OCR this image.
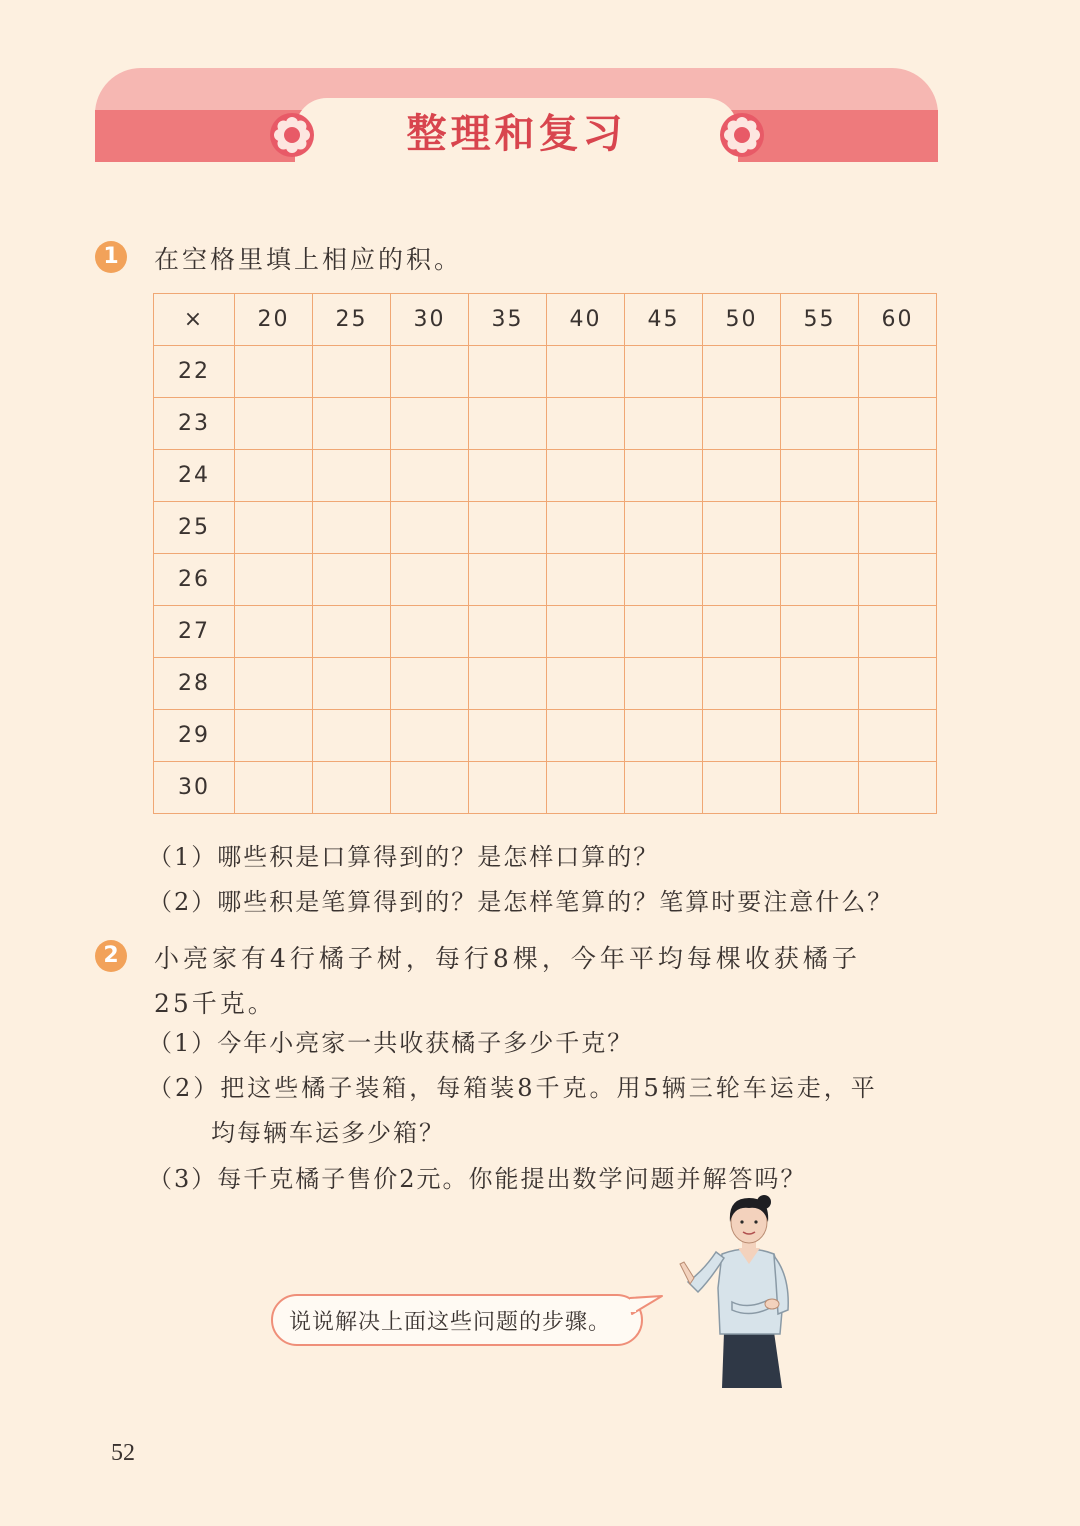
整理和复习
1	在空格里填上相应的积。
×	20	25	30	35	40	45	50	55	60
22									
23									
24									
25									
26									
27									
28									
29									
30									
（1）哪些积是口算得到的？是怎样口算的？
（2）哪些积是笔算得到的？是怎样笔算的？笔算时要注意什么？
2	小亮家有4行橘子树，每行8棵，今年平均每棵收获橘子
25千克。
（1）今年小亮家一共收获橘子多少千克？
（2）把这些橘子装箱，每箱装8千克。用5辆三轮车运走，平
均每辆车运多少箱？
（3）每千克橘子售价2元。你能提出数学问题并解答吗？
说说解决上面这些问题的步骤。
52
